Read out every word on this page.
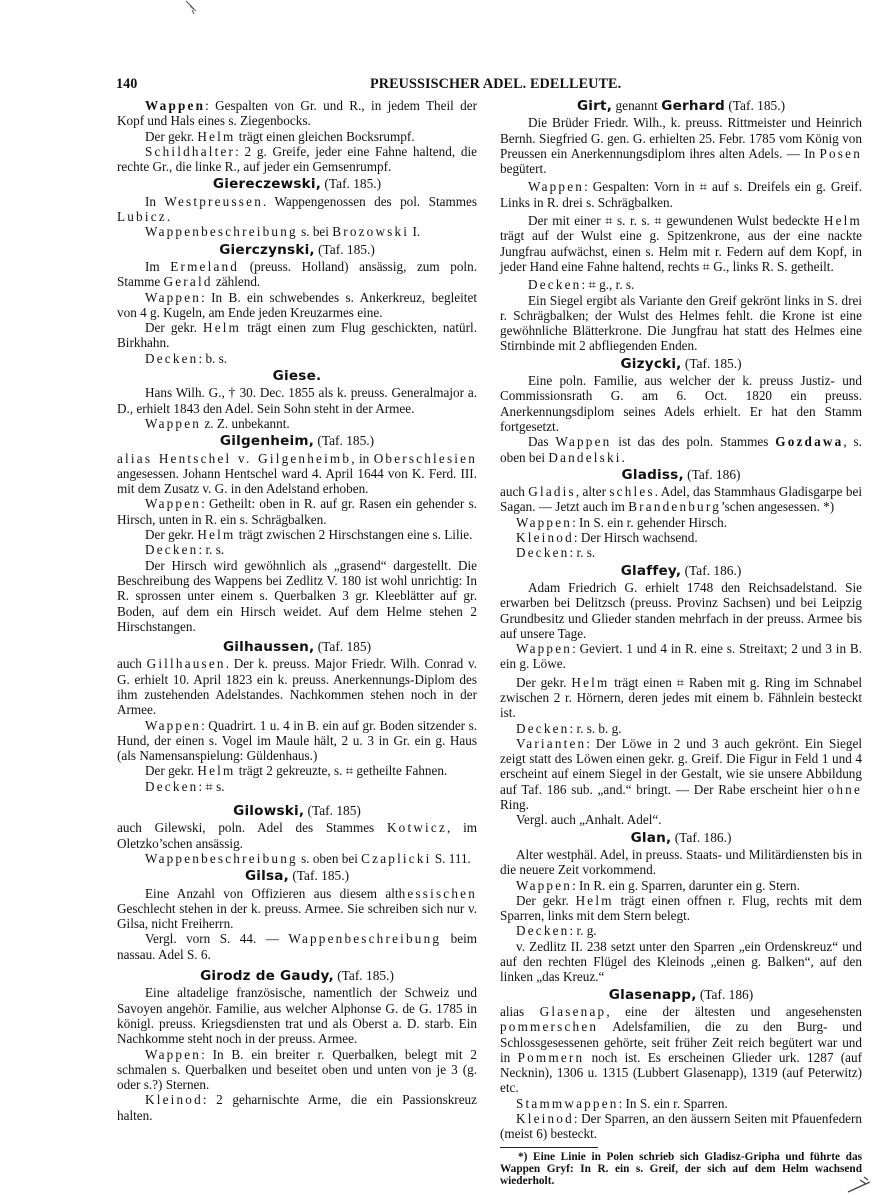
140	PREUSSISCHER ADEL. EDELLEUTE.

Wappen: Gespalten von Gr. und R., in jedem Theil der Kopf und Hals eines s. Ziegenbocks.

Der gekr. Helm trägt einen gleichen Bocksrumpf.

Schildhalter: 2 g. Greife, jeder eine Fahne haltend, die rechte Gr., die linke R., auf jeder ein Gemsenrumpf.

Giereczewski, (Taf. 185.)

In Westpreussen. Wappengenossen des pol. Stammes Lubicz.

Wappenbeschreibung s. bei Brozowski I.

Gierczynski, (Taf. 185.)

Im Ermeland (preuss. Holland) ansässig, zum poln. Stamme Gerald zählend.

Wappen: In B. ein schwebendes s. Ankerkreuz, begleitet von 4 g. Kugeln, am Ende jeden Kreuzarmes eine.

Der gekr. Helm trägt einen zum Flug geschickten, natürl. Birkhahn.

Decken: b. s.

Giese.

Hans Wilh. G., † 30. Dec. 1855 als k. preuss. Generalmajor a. D., erhielt 1843 den Adel. Sein Sohn steht in der Armee.

Wappen z. Z. unbekannt.

Gilgenheim, (Taf. 185.)

alias Hentschel v. Gilgenheimb, in Oberschlesien angesessen. Johann Hentschel ward 4. April 1644 von K. Ferd. III. mit dem Zusatz v. G. in den Adelstand erhoben.

Wappen: Getheilt: oben in R. auf gr. Rasen ein gehender s. Hirsch, unten in R. ein s. Schrägbalken.

Der gekr. Helm trägt zwischen 2 Hirschstangen eine s. Lilie.

Decken: r. s.

Der Hirsch wird gewöhnlich als „grasend“ dargestellt. Die Beschreibung des Wappens bei Zedlitz V. 180 ist wohl unrichtig: In R. sprossen unter einem s. Querbalken 3 gr. Kleeblätter auf gr. Boden, auf dem ein Hirsch weidet. Auf dem Helme stehen 2 Hirschstangen.

Gilhaussen, (Taf. 185)

auch Gillhausen. Der k. preuss. Major Friedr. Wilh. Conrad v. G. erhielt 10. April 1823 ein k. preuss. Anerkennungs-Diplom des ihm zustehenden Adelstandes. Nachkommen stehen noch in der Armee.

Wappen: Quadrirt. 1 u. 4 in B. ein auf gr. Boden sitzender s. Hund, der einen s. Vogel im Maule hält, 2 u. 3 in Gr. ein g. Haus (als Namensanspielung: Güldenhaus.)

Der gekr. Helm trägt 2 gekreuzte, s. ⌗ getheilte Fahnen.

Decken: ⌗ s.

Gilowski, (Taf. 185)

auch Gilewski, poln. Adel des Stammes Kotwicz, im Oletzko’schen ansässig.

Wappenbeschreibung s. oben bei Czaplicki S. 111.

Gilsa, (Taf. 185.)

Eine Anzahl von Offizieren aus diesem althessischen Geschlecht stehen in der k. preuss. Armee. Sie schreiben sich nur v. Gilsa, nicht Freiherrn.

Vergl. vorn S. 44. — Wappenbeschreibung beim nassau. Adel S. 6.

Girodz de Gaudy, (Taf. 185.)

Eine altadelige französische, namentlich der Schweiz und Savoyen angehör. Familie, aus welcher Alphonse G. de G. 1785 in königl. preuss. Kriegsdiensten trat und als Oberst a. D. starb. Ein Nachkomme steht noch in der preuss. Armee.

Wappen: In B. ein breiter r. Querbalken, belegt mit 2 schmalen s. Querbalken und beseitet oben und unten von je 3 (g. oder s.?) Sternen.

Kleinod: 2 geharnischte Arme, die ein Passionskreuz halten.

Girt, genannt Gerhard (Taf. 185.)

Die Brüder Friedr. Wilh., k. preuss. Rittmeister und Heinrich Bernh. Siegfried G. gen. G. erhielten 25. Febr. 1785 vom König von Preussen ein Anerkennungsdiplom ihres alten Adels. — In Posen begütert.

Wappen: Gespalten: Vorn in ⌗ auf s. Dreifels ein g. Greif. Links in R. drei s. Schrägbalken.

Der mit einer ⌗ s. r. s. ⌗ gewundenen Wulst bedeckte Helm trägt auf der Wulst eine g. Spitzenkrone, aus der eine nackte Jungfrau aufwächst, einen s. Helm mit r. Federn auf dem Kopf, in jeder Hand eine Fahne haltend, rechts ⌗ G., links R. S. getheilt.

Decken: ⌗ g., r. s.

Ein Siegel ergibt als Variante den Greif gekrönt links in S. drei r. Schrägbalken; der Wulst des Helmes fehlt. die Krone ist eine gewöhnliche Blätterkrone. Die Jungfrau hat statt des Helmes eine Stirnbinde mit 2 abfliegenden Enden.

Gizycki, (Taf. 185.)

Eine poln. Familie, aus welcher der k. preuss Justiz- und Commissionsrath G. am 6. Oct. 1820 ein preuss. Anerkennungsdiplom seines Adels erhielt. Er hat den Stamm fortgesetzt.

Das Wappen ist das des poln. Stammes Gozdawa, s. oben bei Dandelski.

Gladiss, (Taf. 186)

auch Gladis, alter schles. Adel, das Stammhaus Gladisgarpe bei Sagan. — Jetzt auch im Brandenburg’schen angesessen. *)

Wappen: In S. ein r. gehender Hirsch.

Kleinod: Der Hirsch wachsend.

Decken: r. s.

Glaffey, (Taf. 186.)

Adam Friedrich G. erhielt 1748 den Reichsadelstand. Sie erwarben bei Delitzsch (preuss. Provinz Sachsen) und bei Leipzig Grundbesitz und Glieder standen mehrfach in der preuss. Armee bis auf unsere Tage.

Wappen: Geviert. 1 und 4 in R. eine s. Streitaxt; 2 und 3 in B. ein g. Löwe.

Der gekr. Helm trägt einen ⌗ Raben mit g. Ring im Schnabel zwischen 2 r. Hörnern, deren jedes mit einem b. Fähnlein besteckt ist.

Decken: r. s. b. g.

Varianten: Der Löwe in 2 und 3 auch gekrönt. Ein Siegel zeigt statt des Löwen einen gekr. g. Greif. Die Figur in Feld 1 und 4 erscheint auf einem Siegel in der Gestalt, wie sie unsere Abbildung auf Taf. 186 sub. „and.“ bringt. — Der Rabe erscheint hier ohne Ring.

Vergl. auch „Anhalt. Adel“.

Glan, (Taf. 186.)

Alter westphäl. Adel, in preuss. Staats- und Militärdiensten bis in die neuere Zeit vorkommend.

Wappen: In R. ein g. Sparren, darunter ein g. Stern.

Der gekr. Helm trägt einen offnen r. Flug, rechts mit dem Sparren, links mit dem Stern belegt.

Decken: r. g.

v. Zedlitz II. 238 setzt unter den Sparren „ein Ordenskreuz“ und auf den rechten Flügel des Kleinods „einen g. Balken“, auf den linken „das Kreuz.“

Glasenapp, (Taf. 186)

alias Glasenap, eine der ältesten und angesehensten pommerschen Adelsfamilien, die zu den Burg- und Schlossgesessenen gehörte, seit früher Zeit reich begütert war und in Pommern noch ist. Es erscheinen Glieder urk. 1287 (auf Necknin), 1306 u. 1315 (Lubbert Glasenapp), 1319 (auf Peterwitz) etc.

Stammwappen: In S. ein r. Sparren.

Kleinod: Der Sparren, an den äussern Seiten mit Pfauenfedern (meist 6) besteckt.

*) Eine Linie in Polen schrieb sich Gladisz-Gripha und führte das Wappen Gryf: In R. ein s. Greif, der sich auf dem Helm wachsend wiederholt.
